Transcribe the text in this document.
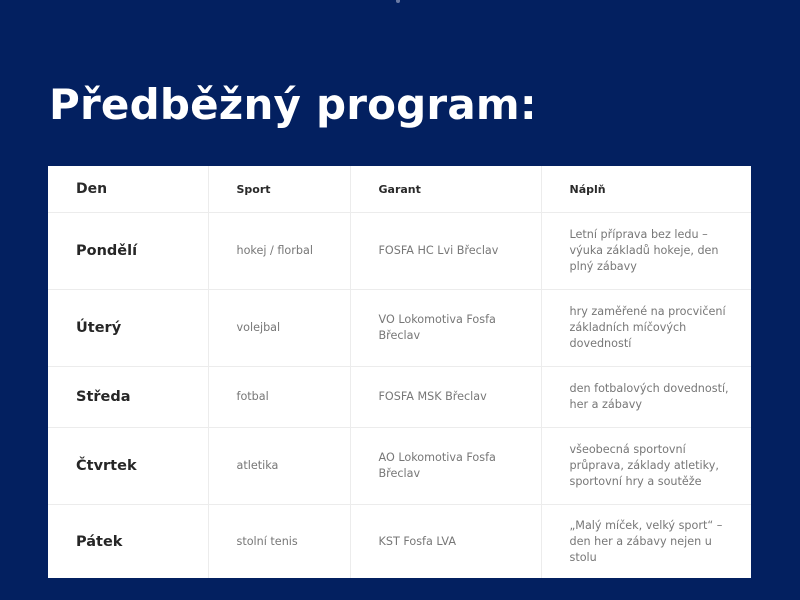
Předběžný program:
Den	Sport	Garant	Náplň
Pondělí	hokej / florbal	FOSFA HC Lvi Břeclav	Letní příprava bez ledu – výuka základů hokeje, den plný zábavy
Úterý	volejbal	VO Lokomotiva Fosfa Břeclav	hry zaměřené na procvičení základních míčových dovedností
Středa	fotbal	FOSFA MSK Břeclav	den fotbalových dovedností, her a zábavy
Čtvrtek	atletika	AO Lokomotiva Fosfa Břeclav	všeobecná sportovní průprava, základy atletiky, sportovní hry a soutěže
Pátek	stolní tenis	KST Fosfa LVA	„Malý míček, velký sport“ – den her a zábavy nejen u stolu
